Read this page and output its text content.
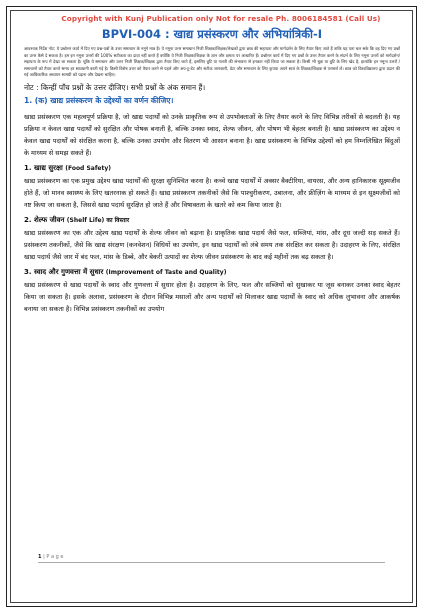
Copyright with Kunj Publication only Not for resale Ph. 8006184581 (Call Us)
BPVI-004 : खाद्य प्रसंस्करण और अभियांत्रिकी-I
आवश्यक निर्देश नोट: ये प्रश्नोत्तर कार्य में दिए गए प्रश्न-पत्रों के उत्तर समाधान के नमूने मात्र हैं। ये नमूना उत्तर समाधान निजी शिक्षक/शिक्षक/लेखकों द्वारा छात्र की सहायता और मार्गदर्शन के लिए तैयार किए जाते हैं ताकि यह पता चल सके कि वह दिए गए प्रश्नों का उत्तर कैसे दे सकता है। हम इन नमूना उत्तरों की 100% सटीकता का दावा नहीं करते हैं क्योंकि ये निजी शिक्षक/शिक्षक के ज्ञान और क्षमता पर आधारित हैं। प्रश्नोत्तर कार्य में दिए गए प्रश्नों के उत्तर तैयार करने के संदर्भ के लिए नमूना उत्तरों को मार्गदर्शन/सहायता के रूप में देखा जा सकता है। चूंकि ये समाधान और उत्तर निजी शिक्षक/शिक्षक द्वारा तैयार किए जाते हैं, इसलिए त्रुटि या गलती की संभावना से इनकार नहीं किया जा सकता है। किसी भी चूक या त्रुटि के लिए खेद है, हालांकि इन नमूना उत्तरों / समाधानों को तैयार करते समय हर सावधानी बरती गई है। किसी विशेष उत्तर को तैयार करने से पहले और अप-टू-डेट और सटीक जानकारी, डेटा और समाधान के लिए कृपया अपने स्वयं के शिक्षक/शिक्षक से परामर्श लें। छात्र को विश्वविद्यालय द्वारा प्रदान की गई आधिकारिक अध्ययन सामग्री को पढ़ना और देखना चाहिए।
नोट : किन्हीं पाँच प्रश्नों के उत्तर दीजिए। सभी प्रश्नों के अंक समान हैं।
1. (क) खाद्य प्रसंस्करण के उद्देश्यों का वर्णन कीजिए।
खाद्य प्रसंस्करण एक महत्वपूर्ण प्रक्रिया है, जो खाद्य पदार्थों को उनके प्राकृतिक रूप से उपभोक्ताओं के लिए तैयार करने के लिए विभिन्न तरीकों से बदलती है। यह प्रक्रिया न केवल खाद्य पदार्थों को सुरक्षित और पोषक बनाती है, बल्कि उनका स्वाद, शेल्फ जीवन, और पोषण भी बेहतर बनाती है। खाद्य प्रसंस्करण का उद्देश्य न केवल खाद्य पदार्थों को संरक्षित करना है, बल्कि उनका उपयोग और वितरण भी आसान बनाना है। खाद्य प्रसंस्करण के विभिन्न उद्देश्यों को हम निम्नलिखित बिंदुओं के माध्यम से समझ सकते हैं।
1. खाद्य सुरक्षा (Food Safety)
खाद्य प्रसंस्करण का एक प्रमुख उद्देश्य खाद्य पदार्थों की सुरक्षा सुनिश्चित करना है। कच्चे खाद्य पदार्थों में अक्सर बैक्टीरिया, वायरस, और अन्य हानिकारक सूक्ष्मजीव होते हैं, जो मानव स्वास्थ्य के लिए खतरनाक हो सकते हैं। खाद्य प्रसंस्करण तकनीकों जैसे कि पाश्चुरीकरण, उबालना, और फ्रीज़िंग के माध्यम से इन सूक्ष्मजीवों को नष्ट किया जा सकता है, जिससे खाद्य पदार्थ सुरक्षित हो जाते हैं और विषाक्तता के खतरे को कम किया जाता है।
2. शेल्फ जीवन (Shelf Life) का विस्तार
खाद्य प्रसंस्करण का एक और उद्देश्य खाद्य पदार्थों के शेल्फ जीवन को बढ़ाना है। प्राकृतिक खाद्य पदार्थ जैसे फल, सब्जियां, मांस, और दूध जल्दी सड़ सकते हैं। प्रसंस्करण तकनीकों, जैसे कि खाद्य संरक्षण (कनवेशन) विधियों का उपयोग, इन खाद्य पदार्थों को लंबे समय तक संरक्षित कर सकता है। उदाहरण के लिए, संरक्षित खाद्य पदार्थ जैसे जार में बंद फल, मांस के डिब्बे, और बेकरी उत्पादों का शेल्फ जीवन प्रसंस्करण के बाद कई महीनों तक बढ़ सकता है।
3. स्वाद और गुणवत्ता में सुधार (Improvement of Taste and Quality)
खाद्य प्रसंस्करण से खाद्य पदार्थों के स्वाद और गुणवत्ता में सुधार होता है। उदाहरण के लिए, फल और सब्जियों को सुखाकर या जूस बनाकर उनका स्वाद बेहतर किया जा सकता है। इसके अलावा, प्रसंस्करण के दौरान विभिन्न मसालों और अन्य पदार्थों को मिलाकर खाद्य पदार्थों के स्वाद को अधिक लुभावना और आकर्षक बनाया जा सकता है। विभिन्न प्रसंस्करण तकनीकों का उपयोग
1 | P a g e
